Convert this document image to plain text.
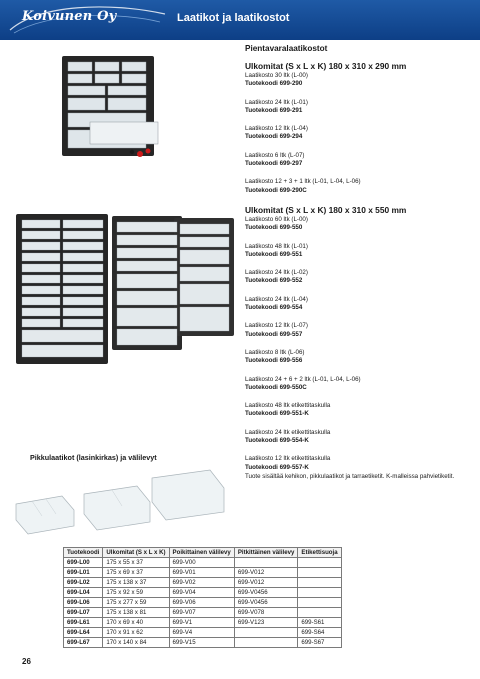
Koivunen Oy	Laatikot ja laatikostot
Pikkulaatikot (lasinkirkas) ja välilevyt
Pientavaralaatikostot
Ulkomitat (S x L x K) 180 x 310 x 290 mm
Laatikosto 30 ltk (L-00)
Tuotekoodi 699-290
Laatikosto 24 ltk (L-01)
Tuotekoodi 699-291
Laatikosto 12 ltk (L-04)
Tuotekoodi 699-294
Laatikosto 6 ltk (L-07)
Tuotekoodi 699-297
Laatikosto 12 + 3 + 1 ltk (L-01, L-04, L-06)
Tuotekoodi 699-290C
Ulkomitat (S x L x K) 180 x 310 x 550 mm
Laatikosto 60 ltk (L-00)
Tuotekoodi 699-550
Laatikosto 48 ltk (L-01)
Tuotekoodi 699-551
Laatikosto 24 ltk (L-02)
Tuotekoodi 699-552
Laatikosto 24 ltk (L-04)
Tuotekoodi 699-554
Laatikosto 12 ltk (L-07)
Tuotekoodi 699-557
Laatikosto 8 ltk (L-06)
Tuotekoodi 699-556
Laatikosto 24 + 6 + 2 ltk (L-01, L-04, L-06)
Tuotekoodi 699-550C
Laatikosto 48 ltk etikettitaskulla
Tuotekoodi 699-551-K
Laatikosto 24 ltk etikettitaskulla
Tuotekoodi 699-554-K
Laatikosto 12 ltk etikettitaskulla
Tuotekoodi 699-557-K
Tuote sisältää kehikon, pikkulaatikot ja tarraetiketit. K-malleissa pahvietiketit.
Tuotekoodi	Ulkomitat (S x L x K)	Poikittainen välilevy	Pitkittäinen välilevy	Etikettisuoja
699-L00	175 x 55 x 37	699-V00		
699-L01	175 x 69 x 37	699-V01	699-V012	
699-L02	175 x 138 x 37	699-V02	699-V012	
699-L04	175 x 92 x 59	699-V04	699-V0456	
699-L06	175 x 277 x 59	699-V06	699-V0456	
699-L07	175 x 138 x 81	699-V07	699-V078	
699-L61	170 x 69 x 40	699-V1	699-V123	699-S61
699-L64	170 x 91 x 62	699-V4		699-S64
699-L67	170 x 140 x 84	699-V15		699-S67
26
